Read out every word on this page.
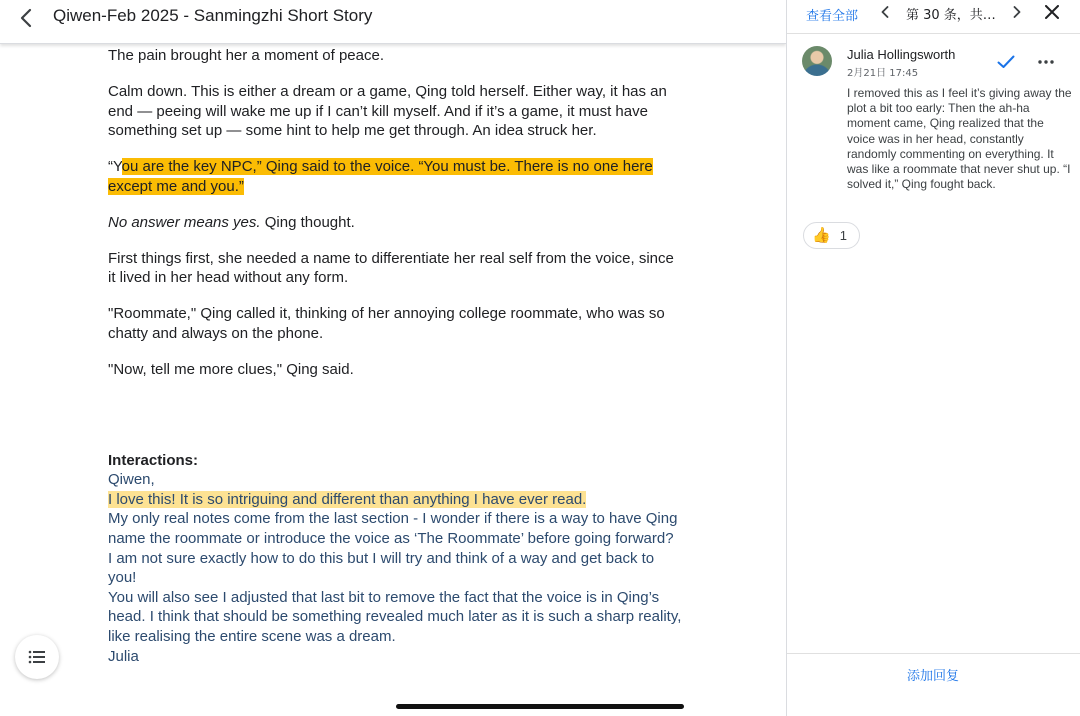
Qiwen-Feb 2025 - Sanmingzhi Short Story

The pain brought her a moment of peace.

Calm down. This is either a dream or a game, Qing told herself. Either way, it has an end — peeing will wake me up if I can’t kill myself. And if it’s a game, it must have something set up — some hint to help me get through. An idea struck her.

“You are the key NPC,” Qing said to the voice. “You must be. There is no one here except me and you.”

No answer means yes. Qing thought.

First things first, she needed a name to differentiate her real self from the voice, since it lived in her head without any form.

"Roommate," Qing called it, thinking of her annoying college roommate, who was so chatty and always on the phone.

"Now, tell me more clues," Qing said.

Interactions:
Qiwen,
I love this! It is so intriguing and different than anything I have ever read.
My only real notes come from the last section - I wonder if there is a way to have Qing name the roommate or introduce the voice as ‘The Roommate’ before going forward?
I am not sure exactly how to do this but I will try and think of a way and get back to you!
You will also see I adjusted that last bit to remove the fact that the voice is in Qing’s head. I think that should be something revealed much later as it is such a sharp reality, like realising the entire scene was a dream.
Julia
查看全部	第 30 条，共…
Julia Hollingsworth
2月21日 17:45
I removed this as I feel it’s giving away the plot a bit too early: Then the ah-ha moment came, Qing realized that the voice was in her head, constantly randomly commenting on everything. It was like a roommate that never shut up. “I solved it,” Qing fought back.
👍 1
添加回复
